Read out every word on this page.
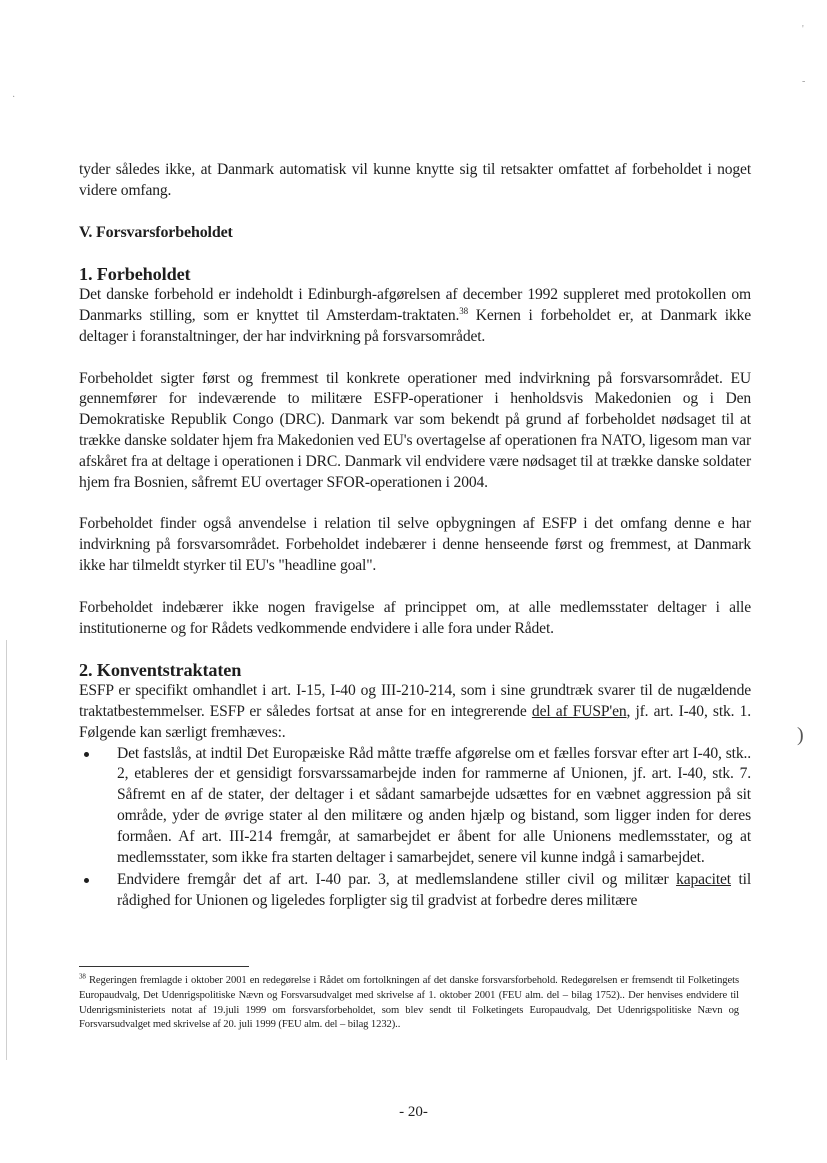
·
'
-
)

tyder således ikke, at Danmark automatisk vil kunne knytte sig til retsakter omfattet af forbeholdet i noget videre omfang.

V. Forsvarsforbeholdet
1. Forbeholdet

Det danske forbehold er indeholdt i Edinburgh-afgørelsen af december 1992 suppleret med protokollen om Danmarks stilling, som er knyttet til Amsterdam-traktaten.$^{38}$ Kernen i forbeholdet er, at Danmark ikke deltager i foranstaltninger, der har indvirkning på forsvarsområdet.

Forbeholdet sigter først og fremmest til konkrete operationer med indvirkning på forsvarsområdet. EU gennemfører for indeværende to militære ESFP-operationer i henholdsvis Makedonien og i Den Demokratiske Republik Congo (DRC). Danmark var som bekendt på grund af forbeholdet nødsaget til at trække danske soldater hjem fra Makedonien ved EU's overtagelse af operationen fra NATO, ligesom man var afskåret fra at deltage i operationen i DRC. Danmark vil endvidere være nødsaget til at trække danske soldater hjem fra Bosnien, såfremt EU overtager SFOR-operationen i 2004.

Forbeholdet finder også anvendelse i relation til selve opbygningen af ESFP i det omfang denne e har indvirkning på forsvarsområdet. Forbeholdet indebærer i denne henseende først og fremmest, at Danmark ikke har tilmeldt styrker til EU's "headline goal".

Forbeholdet indebærer ikke nogen fravigelse af princippet om, at alle medlemsstater deltager i alle institutionerne og for Rådets vedkommende endvidere i alle fora under Rådet.

2. Konventstraktaten

ESFP er specifikt omhandlet i art. I-15, I-40 og III-210-214, som i sine grundtræk svarer til de nugældende traktatbestemmelser. ESFP er således fortsat at anse for en integrerende del af FUSP'en, jf. art. I-40, stk. 1. Følgende kan særligt fremhæves:.

Det fastslås, at indtil Det Europæiske Råd måtte træffe afgørelse om et fælles forsvar efter art I-40, stk.. 2, etableres der et gensidigt forsvarssamarbejde inden for rammerne af Unionen, jf. art. I-40, stk. 7. Såfremt en af de stater, der deltager i et sådant samarbejde udsættes for en væbnet aggression på sit område, yder de øvrige stater al den militære og anden hjælp og bistand, som ligger inden for deres formåen. Af art. III-214 fremgår, at samarbejdet er åbent for alle Unionens medlemsstater, og at medlemsstater, som ikke fra starten deltager i samarbejdet, senere vil kunne indgå i samarbejdet.
Endvidere fremgår det af art. I-40 par. 3, at medlemslandene stiller civil og militær kapacitet til rådighed for Unionen og ligeledes forpligter sig til gradvist at forbedre deres militære
$^{38}$ Regeringen fremlagde i oktober 2001 en redegørelse i Rådet om fortolkningen af det danske forsvarsforbehold. Redegørelsen er fremsendt til Folketingets Europaudvalg, Det Udenrigspolitiske Nævn og Forsvarsudvalget med skrivelse af 1. oktober 2001 (FEU alm. del – bilag 1752).. Der henvises endvidere til Udenrigsministeriets notat af 19.juli 1999 om forsvarsforbeholdet, som blev sendt til Folketingets Europaudvalg, Det Udenrigspolitiske Nævn og Forsvarsudvalget med skrivelse af 20. juli 1999 (FEU alm. del – bilag 1232)..
- 20-
